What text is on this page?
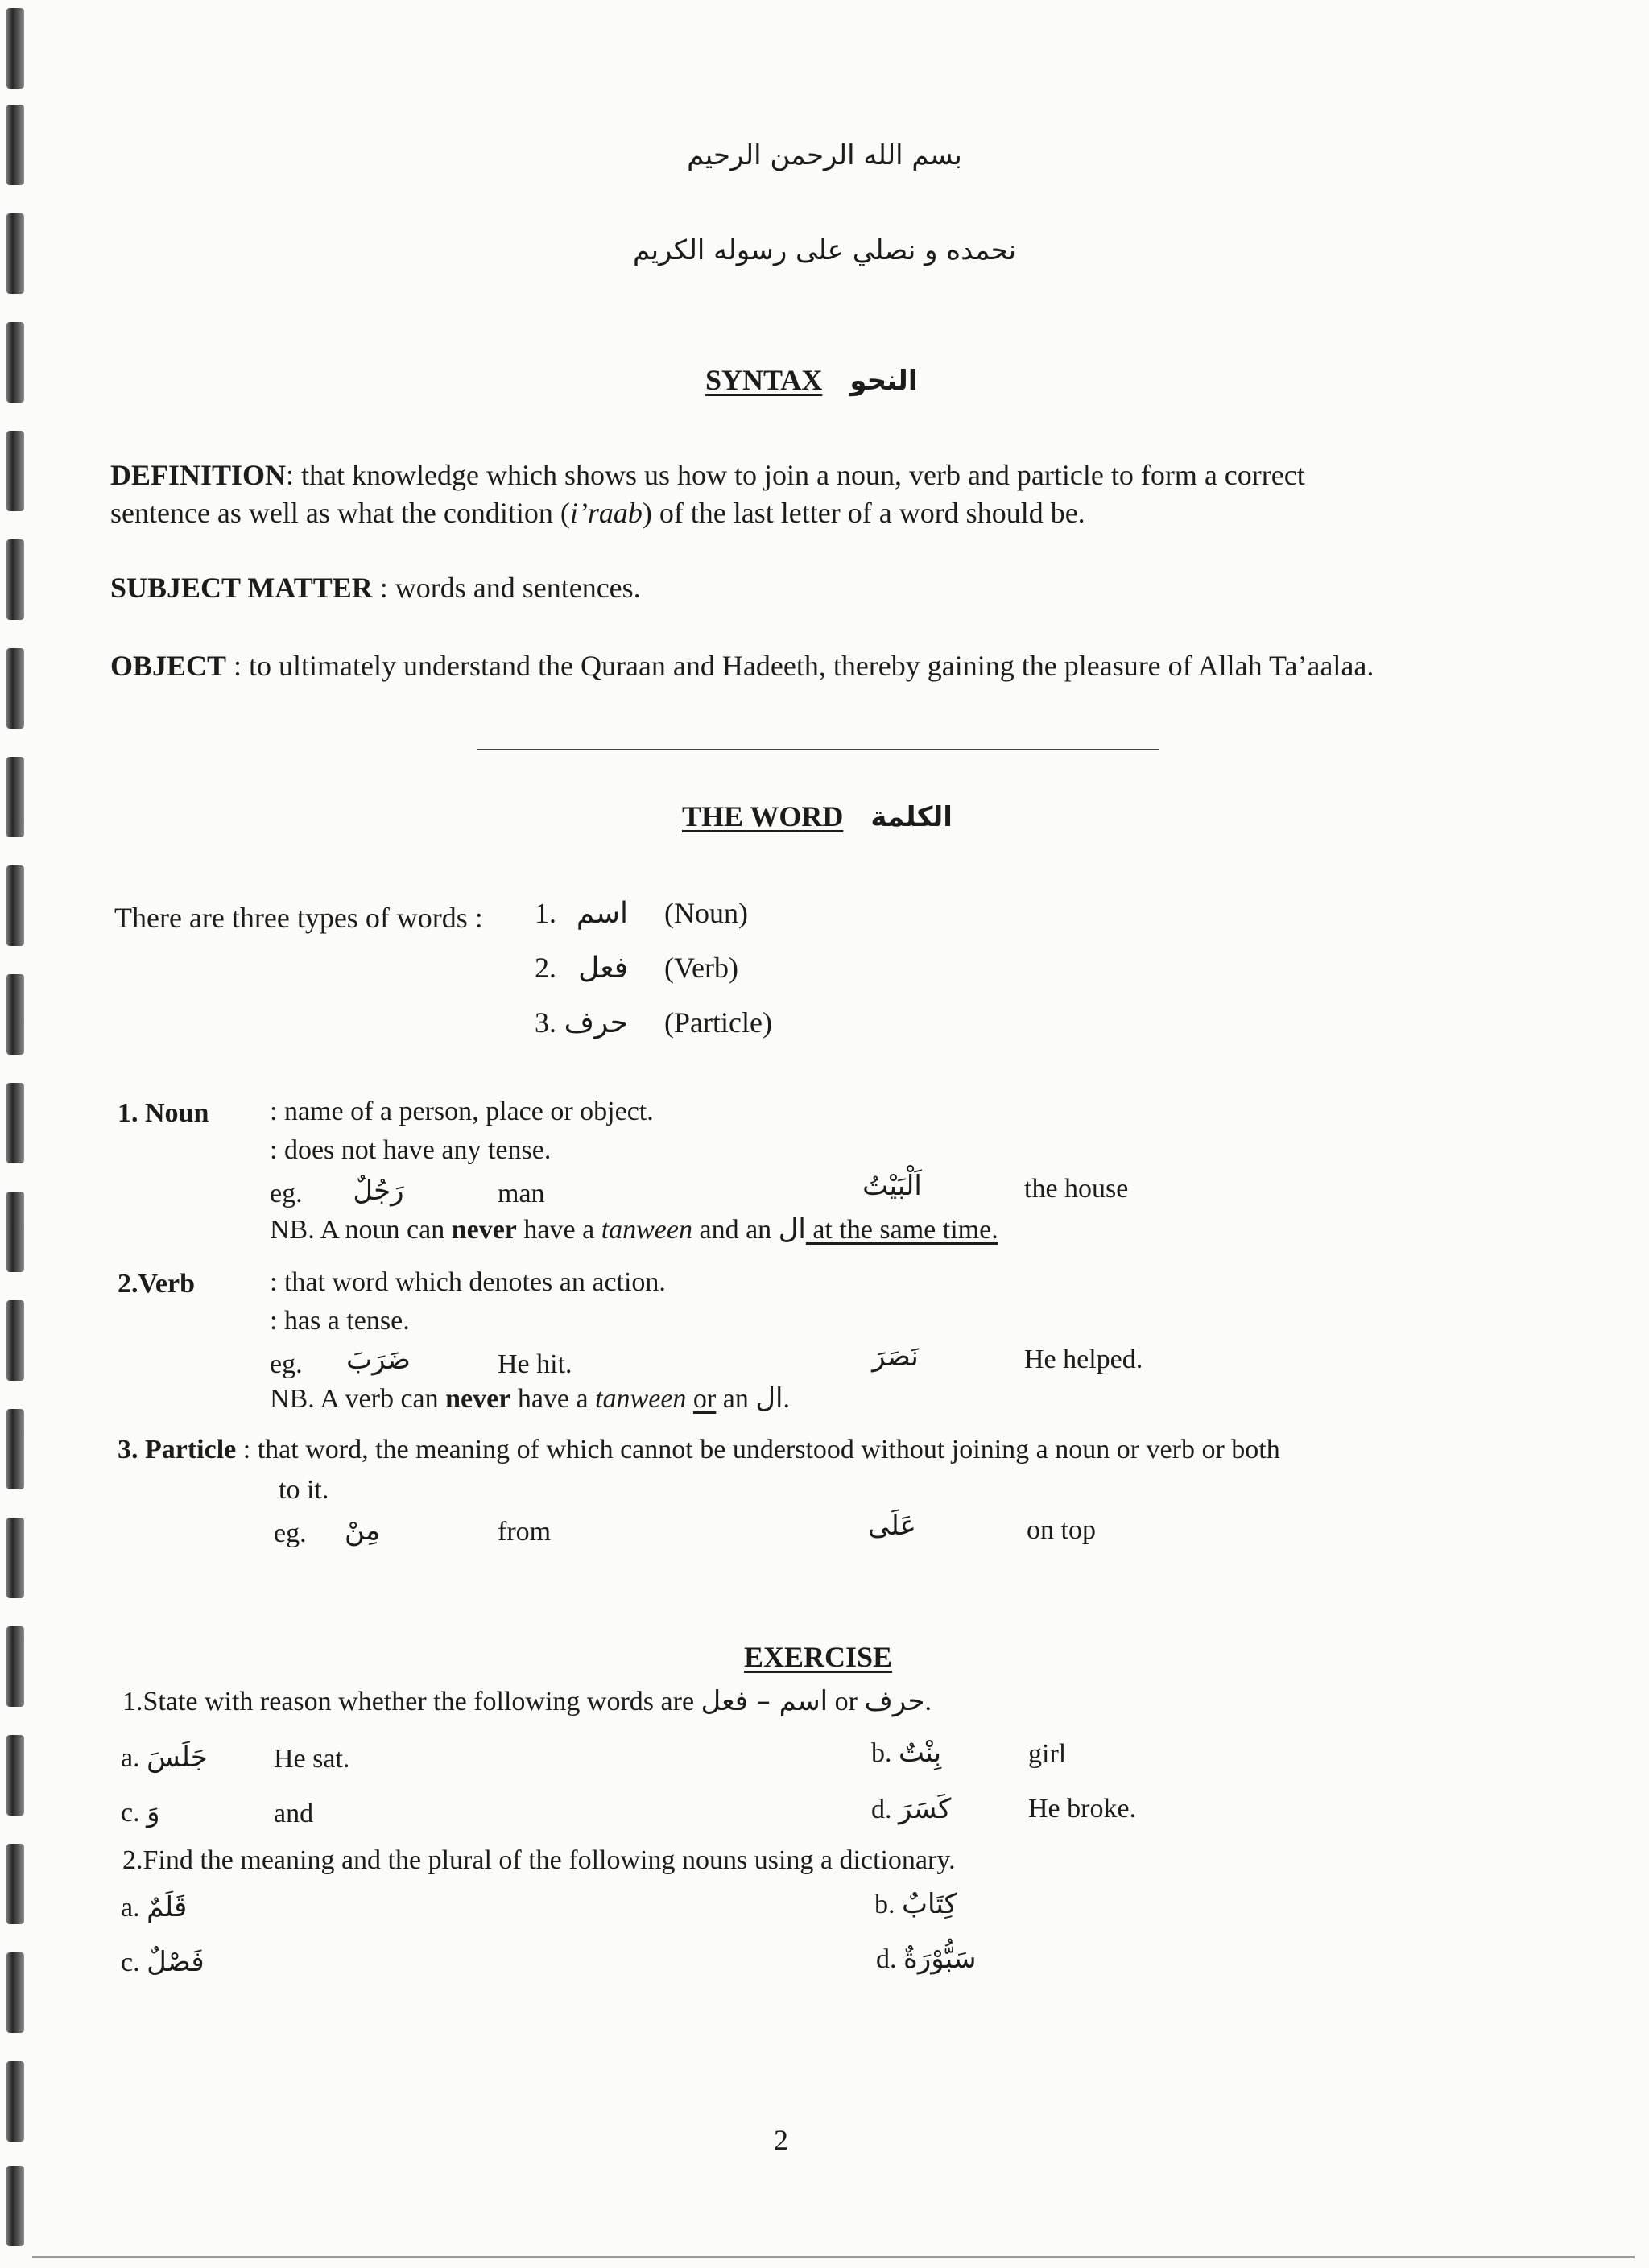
بسم الله الرحمن الرحيم
نحمده و نصلي على رسوله الكريم
SYNTAX النحو
DEFINITION: that knowledge which shows us how to join a noun, verb and particle to form a correct
sentence as well as what the condition (i’raab) of the last letter of a word should be.
SUBJECT MATTER : words and sentences.
OBJECT : to ultimately understand the Quraan and Hadeeth, thereby gaining the pleasure of Allah Ta’aalaa.
THE WORD الكلمة
There are three types of words : 1. اسم (Noun)
2. فعل (Verb)
3. حرف (Particle)
1. Noun : name of a person, place or object.
: does not have any tense.
eg.	رَجُلٌ	man	اَلْبَيْتُ	the house
NB. A noun can never have a tanween and an ال at the same time.
2.Verb	: that word which denotes an action.
: has a tense.
eg. ضَرَبَ	He hit.	نَصَرَ	He helped.
NB. A verb can never have a tanween or an ال.
3. Particle : that word, the meaning of which cannot be understood without joining a noun or verb or both
to it.
eg.	مِنْ	from	عَلَى	on top
EXERCISE
1.State with reason whether the following words are اسم – فعل or حرف.
a. جَلَسَ He sat.	b. بِنْتٌ	girl
c. وَ	and	d. كَسَرَ	He broke.
2.Find the meaning and the plural of the following nouns using a dictionary.
a. قَلَمٌ	b. كِتَابٌ
c. فَصْلٌ	d. سَبُّوْرَةٌ
2
